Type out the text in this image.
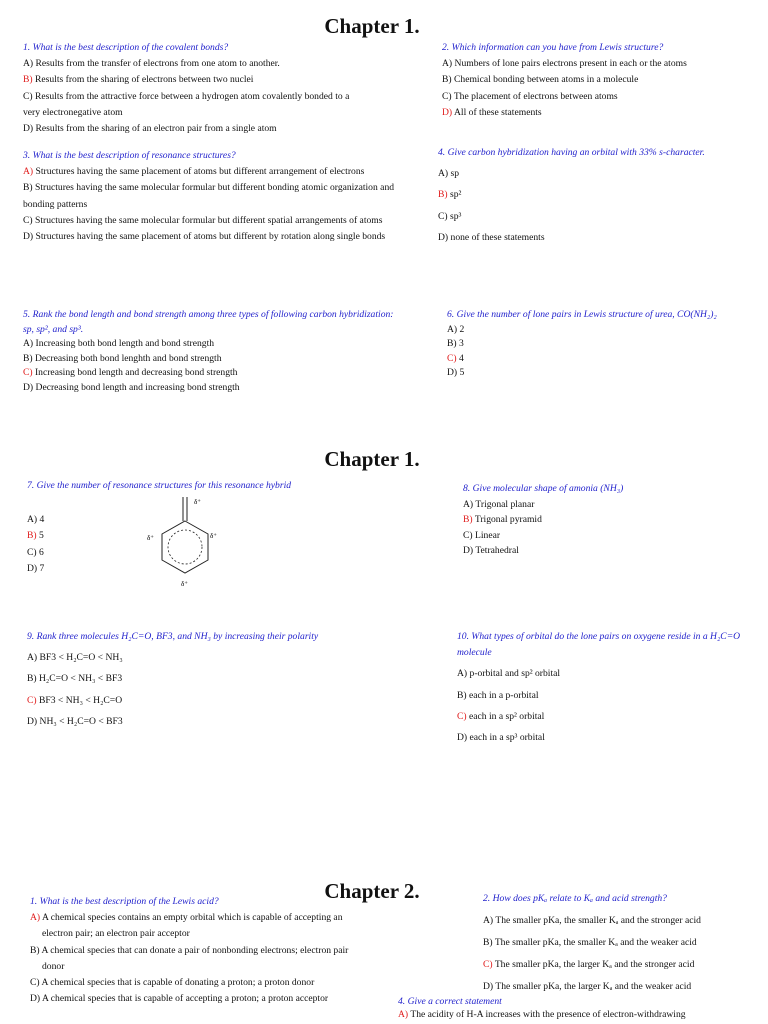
Chapter 1.
1. What is the best description of the covalent bonds?
A) Results from the transfer of electrons from one atom to another.
B) Results from the sharing of electrons between two nuclei
C) Results from the attractive force between a hydrogen atom covalently bonded to a very electronegative atom
D) Results from the sharing of an electron pair from a single atom
2. Which information can you have from Lewis structure?
A) Numbers of lone pairs electrons present in each or the atoms
B) Chemical bonding between atoms in a molecule
C) The placement of electrons between atoms
D) All of these statements
3. What is the best description of resonance structures?
A) Structures having the same placement of atoms but different arrangement of electrons
B) Structures having the same molecular formular but different bonding atomic organization and bonding patterns
C) Structures having the same molecular formular but different spatial arrangements of atoms
D) Structures having the same placement of atoms but different by rotation along single bonds
4. Give carbon hybridization having an orbital with 33% s-character.
A) sp
B) sp²
C) sp³
D) none of these statements
5. Rank the bond length and bond strength among three types of following carbon hybridization: sp, sp², and sp³.
A) Increasing both bond length and bond strength
B) Decreasing both bond lenghth and bond strength
C) Increasing bond length and decreasing bond strength
D) Decreasing bond length and increasing bond strength
6. Give the number of lone pairs in Lewis structure of urea, CO(NH₂)₂
A) 2
B) 3
C) 4
D) 5
Chapter 1.
7. Give the number of resonance structures for this resonance hybrid
A) 4
B) 5
C) 6
D) 7
δ⁺
δ⁺	δ⁺
δ⁺
8. Give molecular shape of amonia (NH₃)
A) Trigonal planar
B) Trigonal pyramid
C) Linear
D) Tetrahedral
9. Rank three molecules H₂C=O, BF3, and NH₃ by increasing their polarity
A) BF3 < H₂C=O < NH₃
B) H₂C=O < NH₃ < BF3
C) BF3 < NH₃ < H₂C=O
D) NH₃ < H₂C=O < BF3
10. What types of orbital do the lone pairs on oxygene reside in a H₂C=O molecule
A) p-orbital and sp² orbital
B) each in a p-orbital
C) each in a sp² orbital
D) each in a sp³ orbital
Chapter 2.
1. What is the best description of the Lewis acid?
A) A chemical species contains an empty orbital which is capable of accepting an electron pair; an electron pair acceptor
B) A chemical species that can donate a pair of nonbonding electrons; electron pair donor
C) A chemical species that is capable of donating a proton; a proton donor
D) A chemical species that is capable of accepting a proton; a proton acceptor
2. How does pKₐ relate to Kₐ and acid strength?
A) The smaller pKa, the smaller Kₐ and the stronger acid
B) The smaller pKa, the smaller Kₐ and the weaker acid
C) The smaller pKa, the larger Kₐ and the stronger acid
D) The smaller pKa, the larger Kₐ and the weaker acid
4. Give a correct statement
A) The acidity of H-A increases with the presence of electron-withdrawing
